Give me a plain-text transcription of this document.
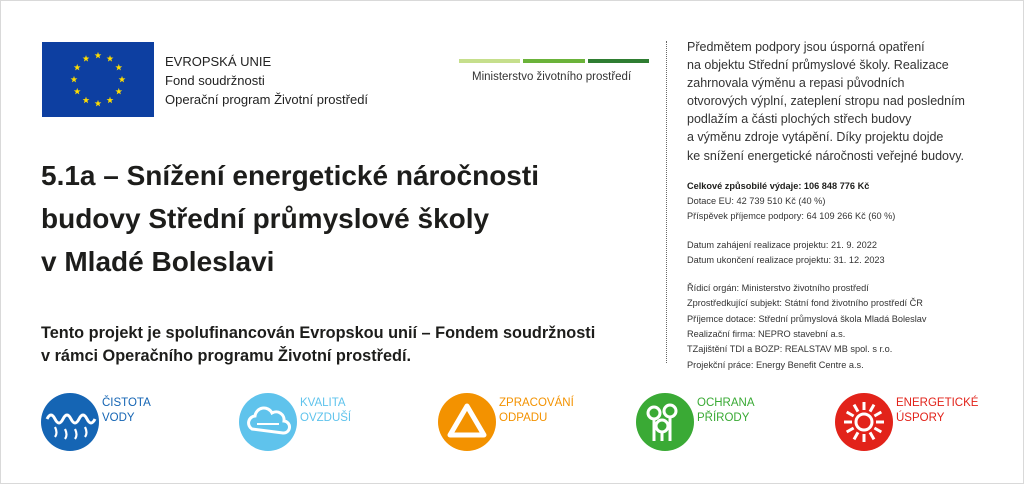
EVROPSKÁ UNIE
Fond soudržnosti
Operační program Životní prostředí
Ministerstvo životního prostředí
5.1a – Snížení energetické náročnosti
budovy Střední průmyslové školy
v Mladé Boleslavi
Tento projekt je spolufinancován Evropskou unií – Fondem soudržnosti
v rámci Operačního programu Životní prostředí.
Předmětem podpory jsou úsporná opatření
na objektu Střední průmyslové školy. Realizace
zahrnovala výměnu a repasi původních
otvorových výplní, zateplení stropu nad posledním
podlažím a části plochých střech budovy
a výměnu zdroje vytápění. Díky projektu dojde
ke snížení energetické náročnosti veřejné budovy.
Celkové způsobilé výdaje: 106 848 776 Kč
Dotace EU: 42 739 510 Kč (40 %)
Příspěvek příjemce podpory: 64 109 266 Kč (60 %)
Datum zahájení realizace projektu: 21. 9. 2022
Datum ukončení realizace projektu: 31. 12. 2023
Řídicí orgán: Ministerstvo životního prostředí
Zprostředkující subjekt: Státní fond životního prostředí ČR
Příjemce dotace: Střední průmyslová škola Mladá Boleslav
Realizační firma: NEPRO stavební a.s.
TZajištění TDI a BOZP: REALSTAV MB spol. s r.o.
Projekční práce: Energy Benefit Centre a.s.
ČISTOTA
VODY
KVALITA
OVZDUŠÍ
ZPRACOVÁNÍ
ODPADU
OCHRANA
PŘÍRODY
ENERGETICKÉ
ÚSPORY
